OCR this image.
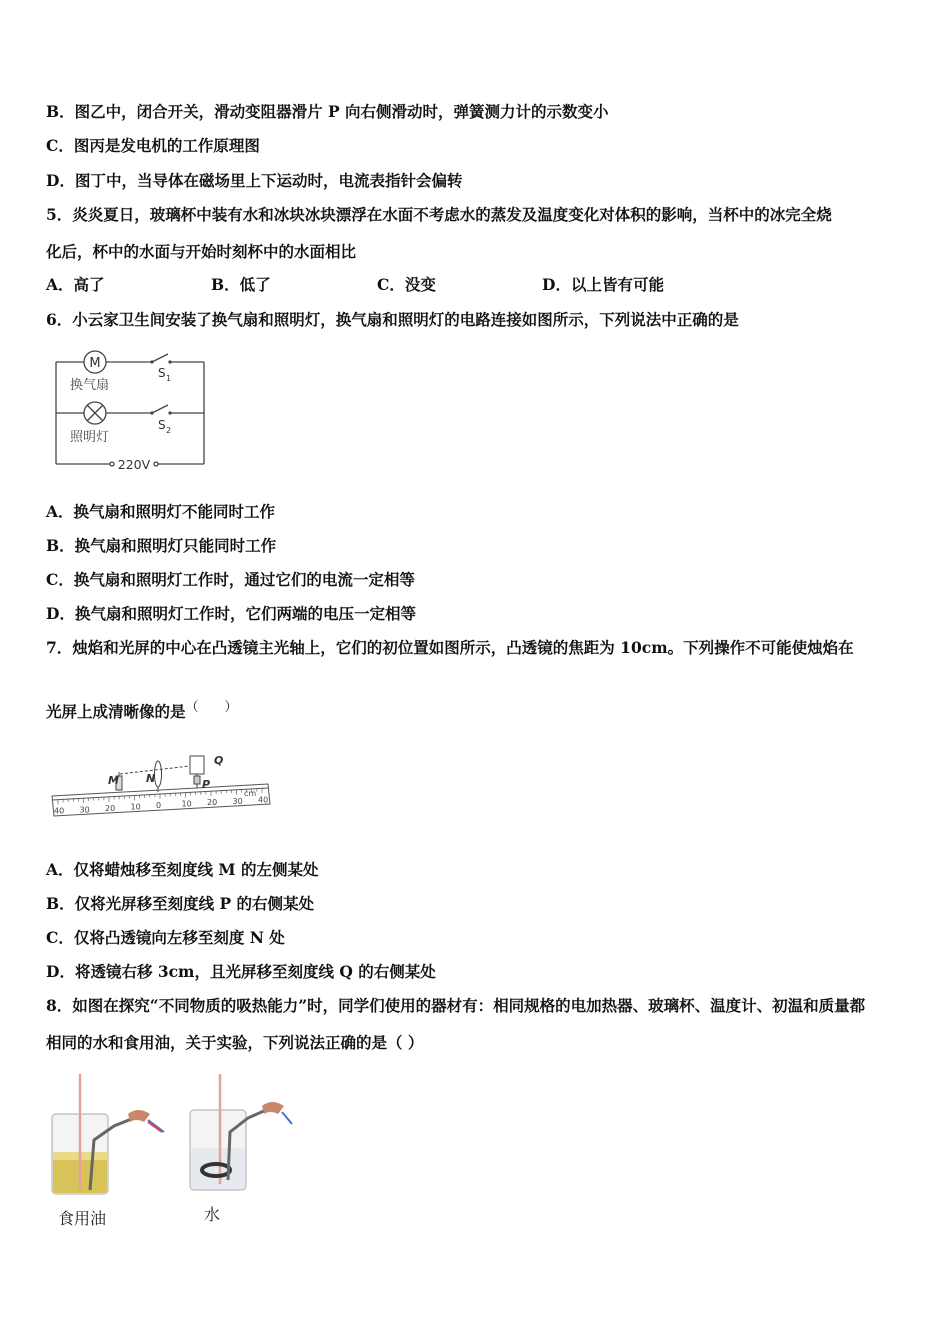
B．图乙中，闭合开关，滑动变阻器滑片 P 向右侧滑动时，弹簧测力计的示数变小
C．图丙是发电机的工作原理图
D．图丁中，当导体在磁场里上下运动时，电流表指针会偏转
5．炎炎夏日，玻璃杯中装有水和冰块冰块漂浮在水面不考虑水的蒸发及温度变化对体积的影响，当杯中的冰完全烧
化后，杯中的水面与开始时刻杯中的水面相比
A．高了	B．低了	C．没变	D．以上皆有可能
6．小云家卫生间安装了换气扇和照明灯，换气扇和照明灯的电路连接如图所示，下列说法中正确的是
M
换气扇
照明灯
S 1
S 2
220V
A．换气扇和照明灯不能同时工作
B．换气扇和照明灯只能同时工作
C．换气扇和照明灯工作时，通过它们的电流一定相等
D．换气扇和照明灯工作时，它们两端的电压一定相等
7．烛焰和光屏的中心在凸透镜主光轴上，它们的初位置如图所示，凸透镜的焦距为 10cm。下列操作不可能使烛焰在
光屏上成清晰像的是（　　）
40 30 20 10 0	10 20 30 40
M N	P
Q
cm
A．仅将蜡烛移至刻度线 M 的左侧某处
B．仅将光屏移至刻度线 P 的右侧某处
C．仅将凸透镜向左移至刻度 N 处
D．将透镜右移 3cm，且光屏移至刻度线 Q 的右侧某处
8．如图在探究“不同物质的吸热能力”时，同学们使用的器材有：相同规格的电加热器、玻璃杯、温度计、初温和质量都
相同的水和食用油，关于实验，下列说法正确的是（ ）
食用油	水
